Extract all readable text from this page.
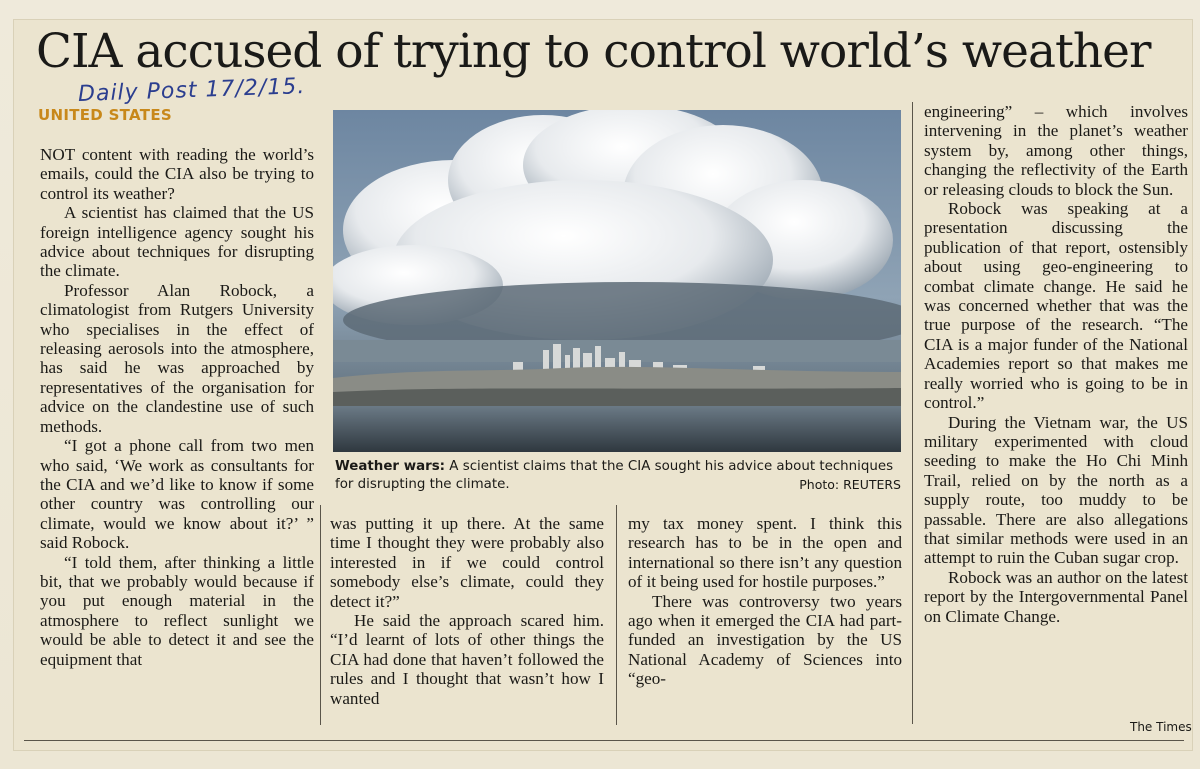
CIA accused of trying to control world’s weather
Daily Post 17/2/15.
UNITED STATES

NOT content with reading the world’s emails, could the CIA also be trying to control its weather?

A scientist has claimed that the US foreign intelligence agency sought his advice about techniques for disrupting the climate.

Professor Alan Robock, a climatologist from Rutgers University who specialises in the effect of releasing aerosols into the atmosphere, has said he was approached by representatives of the organisation for advice on the clandestine use of such methods.

“I got a phone call from two men who said, ‘We work as consultants for the CIA and we’d like to know if some other country was controlling our climate, would we know about it?’ ” said Robock.

“I told them, after thinking a little bit, that we probably would because if you put enough material in the atmosphere to reflect sunlight we would be able to detect it and see the equipment that

Weather wars: A scientist claims that the CIA sought his advice about techniques for disrupting the climate.	Photo: REUTERS

was putting it up there. At the same time I thought they were probably also interested in if we could control somebody else’s climate, could they detect it?”

He said the approach scared him. “I’d learnt of lots of other things the CIA had done that haven’t followed the rules and I thought that wasn’t how I wanted

my tax money spent. I think this research has to be in the open and international so there isn’t any question of it being used for hostile purposes.”

There was controversy two years ago when it emerged the CIA had part-funded an investigation by the US National Academy of Sciences into “geo-

engineering” – which involves intervening in the planet’s weather system by, among other things, changing the reflectivity of the Earth or releasing clouds to block the Sun.

Robock was speaking at a presentation discussing the publication of that report, ostensibly about using geo-engineering to combat climate change. He said he was concerned whether that was the true purpose of the research. “The CIA is a major funder of the National Academies report so that makes me really worried who is going to be in control.”

During the Vietnam war, the US military experimented with cloud seeding to make the Ho Chi Minh Trail, relied on by the north as a supply route, too muddy to be passable. There are also allegations that similar methods were used in an attempt to ruin the Cuban sugar crop.

Robock was an author on the latest report by the Intergovernmental Panel on Climate Change.

The Times
